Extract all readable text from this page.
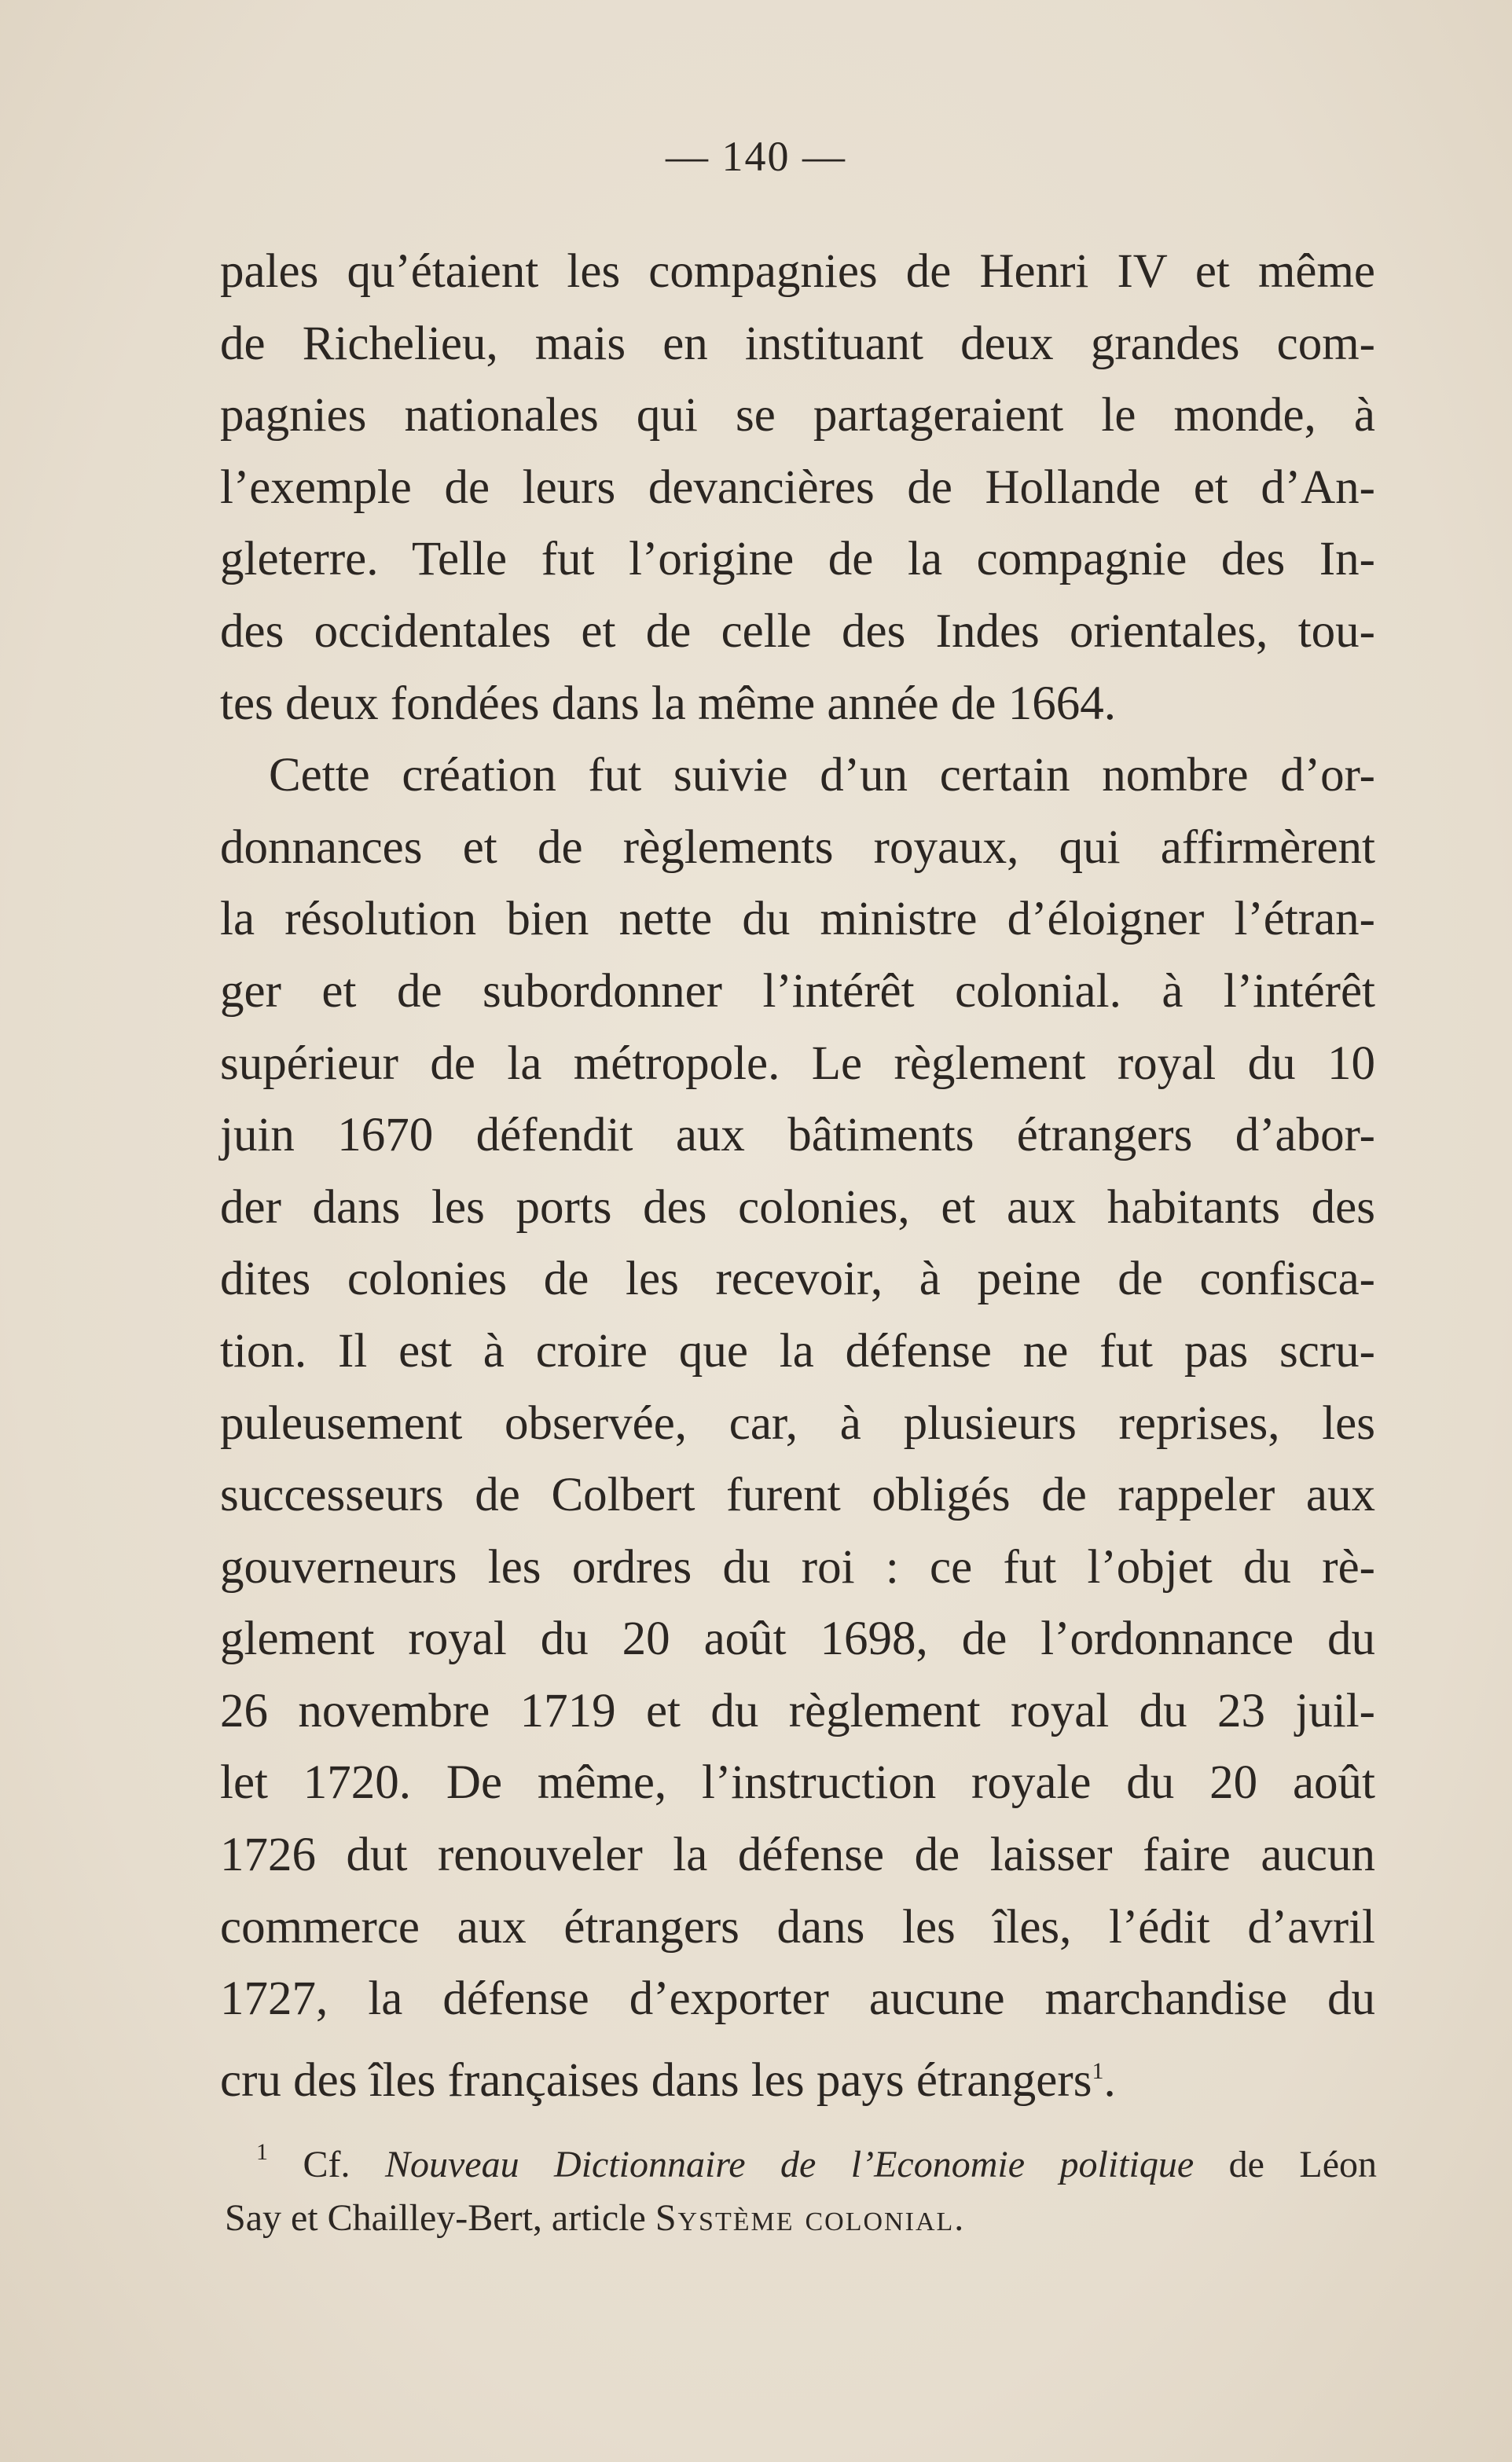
— 140 —
pales qu’étaient les compagnies de Henri IV et même
de Richelieu, mais en instituant deux grandes com-
pagnies nationales qui se partageraient le monde, à
l’exemple de leurs devancières de Hollande et d’An-
gleterre. Telle fut l’origine de la compagnie des In-
des occidentales et de celle des Indes orientales, tou-
tes deux fondées dans la même année de 1664.
Cette création fut suivie d’un certain nombre d’or-
donnances et de règlements royaux, qui affirmèrent
la résolution bien nette du ministre d’éloigner l’étran-
ger et de subordonner l’intérêt colonial. à l’intérêt
supérieur de la métropole. Le règlement royal du 10
juin 1670 défendit aux bâtiments étrangers d’abor-
der dans les ports des colonies, et aux habitants des
dites colonies de les recevoir, à peine de confisca-
tion. Il est à croire que la défense ne fut pas scru-
puleusement observée, car, à plusieurs reprises, les
successeurs de Colbert furent obligés de rappeler aux
gouverneurs les ordres du roi : ce fut l’objet du rè-
glement royal du 20 août 1698, de l’ordonnance du
26 novembre 1719 et du règlement royal du 23 juil-
let 1720. De même, l’instruction royale du 20 août
1726 dut renouveler la défense de laisser faire aucun
commerce aux étrangers dans les îles, l’édit d’avril
1727, la défense d’exporter aucune marchandise du
cru des îles françaises dans les pays étrangers$^1$.
$^1$ Cf. Nouveau Dictionnaire de l’Economie politique de Léon
Say et Chailley-Bert, article Système colonial.
